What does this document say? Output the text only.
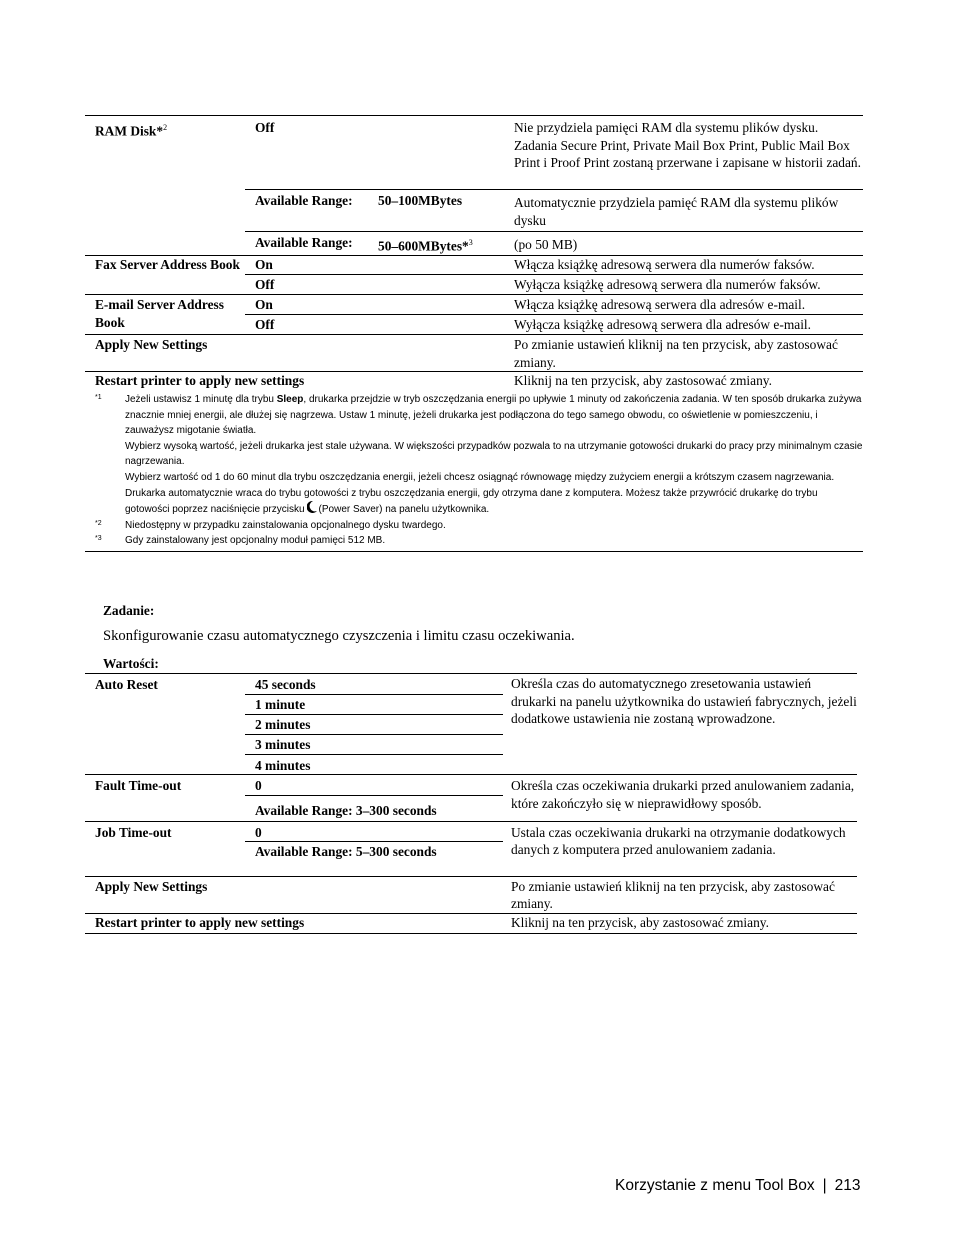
RAM Disk*$^2$	Off		Nie przydziela pamięci RAM dla systemu plików dysku. Zadania Secure Print, Private Mail Box Print, Public Mail Box Print i Proof Print zostaną przerwane i zapisane w historii zadań.
	Available Range:	50–100MBytes	Automatycznie przydziela pamięć RAM dla systemu plików dysku
	Available Range:	50–600MBytes*$^3$	(po 50 MB)
Fax Server Address Book	On		Włącza książkę adresową serwera dla numerów faksów.
	Off		Wyłącza książkę adresową serwera dla numerów faksów.
E-mail Server Address Book	On		Włącza książkę adresową serwera dla adresów e-mail.
	Off		Wyłącza książkę adresową serwera dla adresów e-mail.
Apply New Settings			Po zmianie ustawień kliknij na ten przycisk, aby zastosować zmiany.
Restart printer to apply new settings			Kliknij na ten przycisk, aby zastosować zmiany.
*1	Jeżeli ustawisz 1 minutę dla trybu Sleep, drukarka przejdzie w tryb oszczędzania energii po upływie 1 minuty od zakończenia zadania. W ten sposób drukarka zużywa znacznie mniej energii, ale dłużej się nagrzewa. Ustaw 1 minutę, jeżeli drukarka jest podłączona do tego samego obwodu, co oświetlenie w pomieszczeniu, i zauważysz migotanie światła.
Wybierz wysoką wartość, jeżeli drukarka jest stale używana. W większości przypadków pozwala to na utrzymanie gotowości drukarki do pracy przy minimalnym czasie nagrzewania.
Wybierz wartość od 1 do 60 minut dla trybu oszczędzania energii, jeżeli chcesz osiągnąć równowagę między zużyciem energii a krótszym czasem nagrzewania.
Drukarka automatycznie wraca do trybu gotowości z trybu oszczędzania energii, gdy otrzyma dane z komputera. Możesz także przywrócić drukarkę do trybu gotowości poprzez naciśnięcie przycisku (Power Saver) na panelu użytkownika.
*2	Niedostępny w przypadku zainstalowania opcjonalnego dysku twardego.
*3	Gdy zainstalowany jest opcjonalny moduł pamięci 512 MB.
Zadanie:
Skonfigurowanie czasu automatycznego czyszczenia i limitu czasu oczekiwania.
Wartości:
Auto Reset	45 seconds	Określa czas do automatycznego zresetowania ustawień drukarki na panelu użytkownika do ustawień fabrycznych, jeżeli dodatkowe ustawienia nie zostaną wprowadzone.
	1 minute	
	2 minutes	
	3 minutes	
	4 minutes	
Fault Time-out	0	Określa czas oczekiwania drukarki przed anulowaniem zadania, które zakończyło się w nieprawidłowy sposób.
	Available Range: 3–300 seconds	
Job Time-out	0	Ustala czas oczekiwania drukarki na otrzymanie dodatkowych danych z komputera przed anulowaniem zadania.
	Available Range: 5–300 seconds	
Apply New Settings		Po zmianie ustawień kliknij na ten przycisk, aby zastosować zmiany.
Restart printer to apply new settings		Kliknij na ten przycisk, aby zastosować zmiany.
Korzystanie z menu Tool Box | 213
